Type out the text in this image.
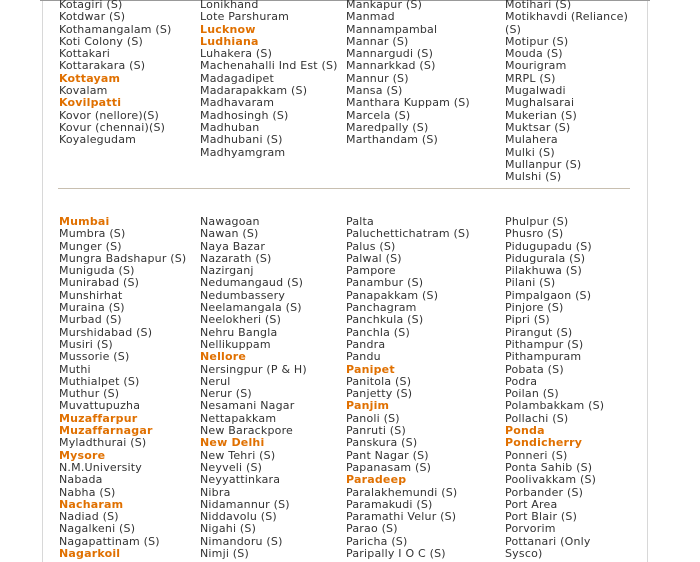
Kotagiri (S)
Kotdwar (S)
Kothamangalam (S)
Koti Colony (S)
Kottakari
Kottarakara (S)
Kottayam
Kovalam
Kovilpatti
Kovor (nellore)(S)
Kovur (chennai)(S)
Koyalegudam
Lonikhand
Lote Parshuram
Lucknow
Ludhiana
Luhakera (S)
Machenahalli Ind Est (S)
Madagadipet
Madarapakkam (S)
Madhavaram
Madhosingh (S)
Madhuban
Madhubani (S)
Madhyamgram
Mankapur (S)
Manmad
Mannampambal
Mannar (S)
Mannargudi (S)
Mannarkkad (S)
Mannur (S)
Mansa (S)
Manthara Kuppam (S)
Marcela (S)
Maredpally (S)
Marthandam (S)
Motihari (S)
Motikhavdi (Reliance)
(S)
Motipur (S)
Mouda (S)
Mourigram
MRPL (S)
Mugalwadi
Mughalsarai
Mukerian (S)
Muktsar (S)
Mulahera
Mulki (S)
Mullanpur (S)
Mulshi (S)
Mumbai
Mumbra (S)
Munger (S)
Mungra Badshapur (S)
Muniguda (S)
Munirabad (S)
Munshirhat
Muraina (S)
Murbad (S)
Murshidabad (S)
Musiri (S)
Mussorie (S)
Muthi
Muthialpet (S)
Muthur (S)
Muvattupuzha
Muzaffarpur
Muzaffarnagar
Myladthurai (S)
Mysore
N.M.University
Nabada
Nabha (S)
Nacharam
Nadiad (S)
Nagalkeni (S)
Nagapattinam (S)
Nagarkoil
Nawagoan
Nawan (S)
Naya Bazar
Nazarath (S)
Nazirganj
Nedumangaud (S)
Nedumbassery
Neelamangala (S)
Neelokheri (S)
Nehru Bangla
Nellikuppam
Nellore
Nersingpur (P & H)
Nerul
Nerur (S)
Nesamani Nagar
Nettapakkam
New Barackpore
New Delhi
New Tehri (S)
Neyveli (S)
Neyyattinkara
Nibra
Nidamannur (S)
Niddavolu (S)
Nigahi (S)
Nimandoru (S)
Nimji (S)
Palta
Paluchettichatram (S)
Palus (S)
Palwal (S)
Pampore
Panambur (S)
Panapakkam (S)
Panchagram
Panchkula (S)
Panchla (S)
Pandra
Pandu
Panipet
Panitola (S)
Panjetty (S)
Panjim
Panoli (S)
Panruti (S)
Panskura (S)
Pant Nagar (S)
Papanasam (S)
Paradeep
Paralakhemundi (S)
Paramakudi (S)
Paramathi Velur (S)
Parao (S)
Paricha (S)
Paripally I O C (S)
Phulpur (S)
Phusro (S)
Pidugupadu (S)
Pidugurala (S)
Pilakhuwa (S)
Pilani (S)
Pimpalgaon (S)
Pinjore (S)
Pipri (S)
Pirangut (S)
Pithampur (S)
Pithampuram
Pobata (S)
Podra
Poilan (S)
Polambakkam (S)
Pollachi (S)
Ponda
Pondicherry
Ponneri (S)
Ponta Sahib (S)
Poolivakkam (S)
Porbander (S)
Port Area
Port Blair (S)
Porvorim
Pottanari (Only
Sysco)
